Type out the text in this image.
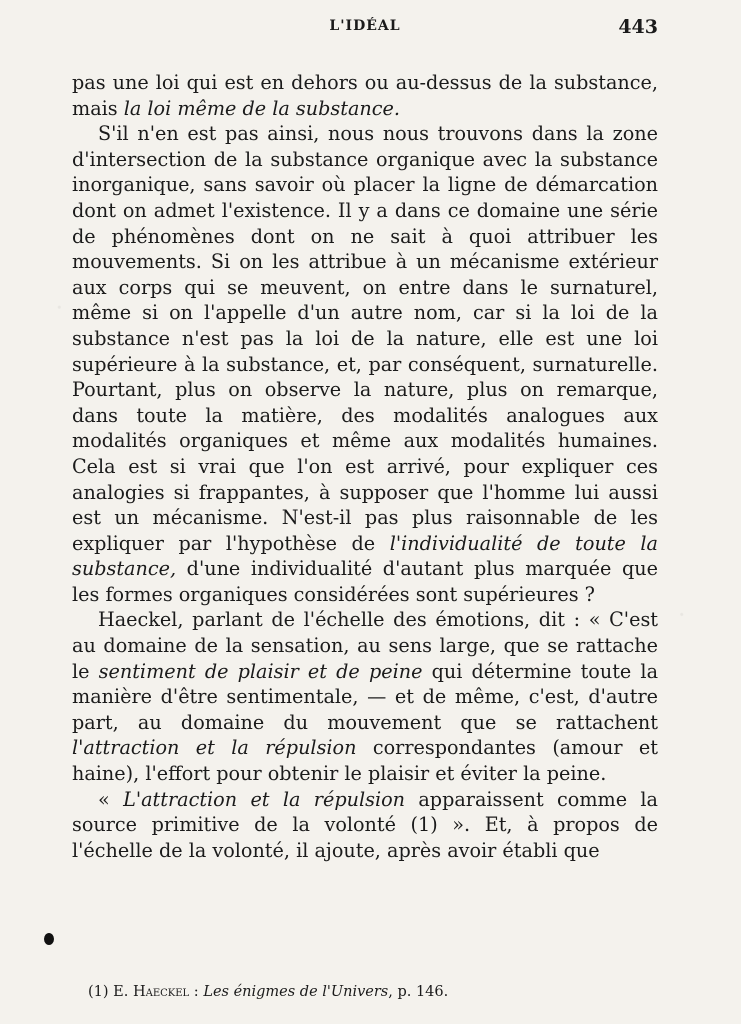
L'IDÉAL	443

pas une loi qui est en dehors ou au-dessus de la substance, mais la loi même de la substance.

S'il n'en est pas ainsi, nous nous trouvons dans la zone d'intersection de la substance organique avec la substance inorganique, sans savoir où placer la ligne de démarcation dont on admet l'existence. Il y a dans ce domaine une série de phénomènes dont on ne sait à quoi attribuer les mouvements. Si on les attribue à un mécanisme extérieur aux corps qui se meuvent, on entre dans le surnaturel, même si on l'appelle d'un autre nom, car si la loi de la substance n'est pas la loi de la nature, elle est une loi supérieure à la substance, et, par conséquent, surnaturelle. Pourtant, plus on observe la nature, plus on remarque, dans toute la matière, des modalités analogues aux modalités organiques et même aux modalités humaines. Cela est si vrai que l'on est arrivé, pour expliquer ces analogies si frappantes, à supposer que l'homme lui aussi est un mécanisme. N'est-il pas plus raisonnable de les expliquer par l'hypothèse de l'individualité de toute la substance, d'une individualité d'autant plus marquée que les formes organiques considérées sont supérieures ?

Haeckel, parlant de l'échelle des émotions, dit : « C'est au domaine de la sensation, au sens large, que se rattache le sentiment de plaisir et de peine qui détermine toute la manière d'être sentimentale, — et de même, c'est, d'autre part, au domaine du mouvement que se rattachent l'attraction et la répulsion correspondantes (amour et haine), l'effort pour obtenir le plaisir et éviter la peine.

« L'attraction et la répulsion apparaissent comme la source primitive de la volonté (1) ». Et, à propos de l'échelle de la volonté, il ajoute, après avoir établi que

(1) E. Haeckel : Les énigmes de l'Univers, p. 146.
